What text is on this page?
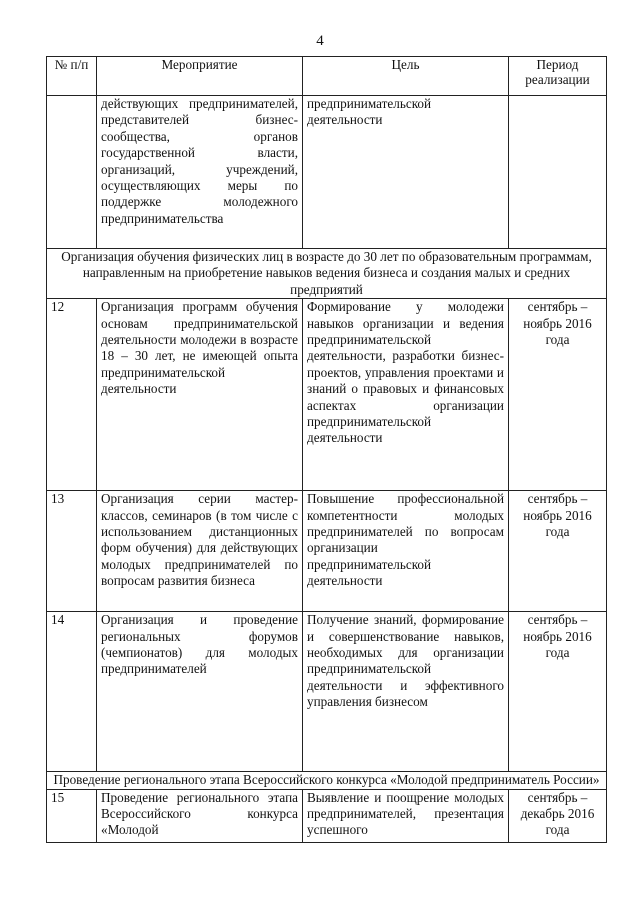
4
№ п/п	Мероприятие	Цель	Период реализации
	действующих предпринимателей, представителей бизнес-сообщества, органов государственной власти, организаций, учреждений, осуществляющих меры по поддержке молодежного предпринимательства	предпринимательской деятельности	
Организация обучения физических лиц в возрасте до 30 лет по образовательным программам, направленным на приобретение навыков ведения бизнеса и создания малых и средних предприятий			
12	Организация программ обучения основам предпринимательской деятельности молодежи в возрасте 18 – 30 лет, не имеющей опыта предпринимательской деятельности	Формирование у молодежи навыков организации и ведения предпринимательской деятельности, разработки бизнес-проектов, управления проектами и знаний о правовых и финансовых аспектах организации предпринимательской деятельности	сентябрь – ноябрь 2016 года
13	Организация серии мастер-классов, семинаров (в том числе с использованием дистанционных форм обучения) для действующих молодых предпринимателей по вопросам развития бизнеса	Повышение профессиональной компетентности молодых предпринимателей по вопросам организации предпринимательской деятельности	сентябрь – ноябрь 2016 года
14	Организация и проведение региональных форумов (чемпионатов) для молодых предпринимателей	Получение знаний, формирование и совершенствование навыков, необходимых для организации предпринимательской деятельности и эффективного управления бизнесом	сентябрь – ноябрь 2016 года
Проведение регионального этапа Всероссийского конкурса «Молодой предприниматель России»			
15	Проведение регионального этапа Всероссийского конкурса «Молодой	Выявление и поощрение молодых предпринимателей, презентация успешного	сентябрь – декабрь 2016 года
